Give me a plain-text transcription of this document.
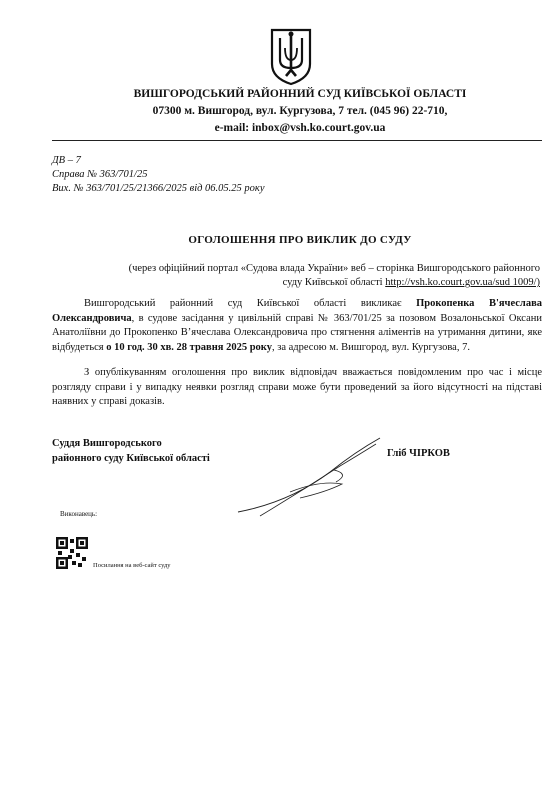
ВИШГОРОДСЬКИЙ РАЙОННИЙ СУД КИЇВСЬКОЇ ОБЛАСТІ
07300 м. Вишгород, вул. Кургузова, 7 тел. (045 96) 22-710,
e-mail: inbox@vsh.ko.court.gov.ua
ДВ – 7
Справа № 363/701/25
Вих. № 363/701/25/21366/2025 від 06.05.25 року
ОГОЛОШЕННЯ ПРО ВИКЛИК ДО СУДУ
(через офіційний портал «Судова влада України» веб – сторінка Вишгородського районного
суду Київської області http://vsh.ko.court.gov.ua/sud 1009/)
Вишгородський районний суд Київської області викликає Прокопенка В'ячеслава Олександровича, в судове засідання у цивільній справі № 363/701/25 за позовом Возалоньської Оксани Анатоліївни до Прокопенко В’ячеслава Олександровича про стягнення аліментів на утримання дитини, яке відбудеться о 10 год. 30 хв. 28 травня 2025 року, за адресою м. Вишгород, вул. Кургузова, 7.
З опублікуванням оголошення про виклик відповідач вважається повідомленим про час і місце розгляду справи і у випадку неявки розгляд справи може бути проведений за його відсутності на підставі наявних у справі доказів.
Суддя Вишгородського
районного суду Київської області	Гліб ЧІРКОВ
Виконавець:
Посилання на веб-сайт суду
